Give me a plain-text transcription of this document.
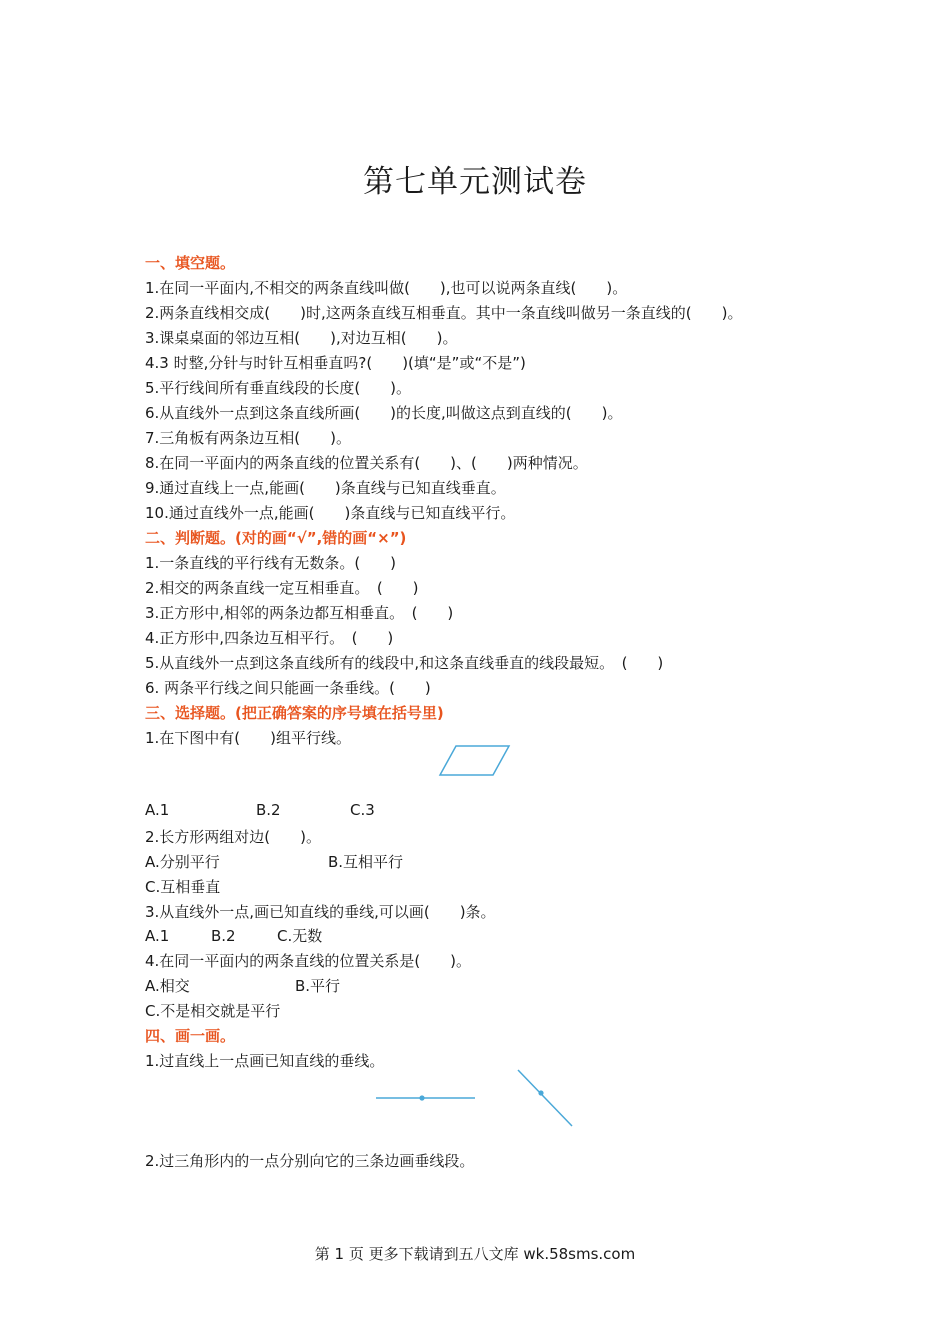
第七单元测试卷
一、填空题。
1.在同一平面内,不相交的两条直线叫做(　　),也可以说两条直线(　　)。
2.两条直线相交成(　　)时,这两条直线互相垂直。其中一条直线叫做另一条直线的(　　)。
3.课桌桌面的邻边互相(　　),对边互相(　　)。
4.3 时整,分针与时针互相垂直吗?(　　)(填“是”或“不是”)
5.平行线间所有垂直线段的长度(　　)。
6.从直线外一点到这条直线所画(　　)的长度,叫做这点到直线的(　　)。
7.三角板有两条边互相(　　)。
8.在同一平面内的两条直线的位置关系有(　　)、(　　)两种情况。
9.通过直线上一点,能画(　　)条直线与已知直线垂直。
10.通过直线外一点,能画(　　)条直线与已知直线平行。
二、判断题。(对的画“√”,错的画“×”)
1.一条直线的平行线有无数条。(　　)
2.相交的两条直线一定互相垂直。　(　　)
3.正方形中,相邻的两条边都互相垂直。　(　　)
4.正方形中,四条边互相平行。　(　　)
5.从直线外一点到这条直线所有的线段中,和这条直线垂直的线段最短。　(　　)
6. 两条平行线之间只能画一条垂线。(　　)
三、选择题。(把正确答案的序号填在括号里)
1.在下图中有(　　)组平行线。
A.1	B.2	C.3
2.长方形两组对边(　　)。
A.分别平行	B.互相平行
C.互相垂直
3.从直线外一点,画已知直线的垂线,可以画(　　)条。
A.1	B.2	C.无数
4.在同一平面内的两条直线的位置关系是(　　)。
A.相交	B.平行
C.不是相交就是平行
四、画一画。
1.过直线上一点画已知直线的垂线。
2.过三角形内的一点分别向它的三条边画垂线段。
第 1 页 更多下载请到五八文库 wk.58sms.com
